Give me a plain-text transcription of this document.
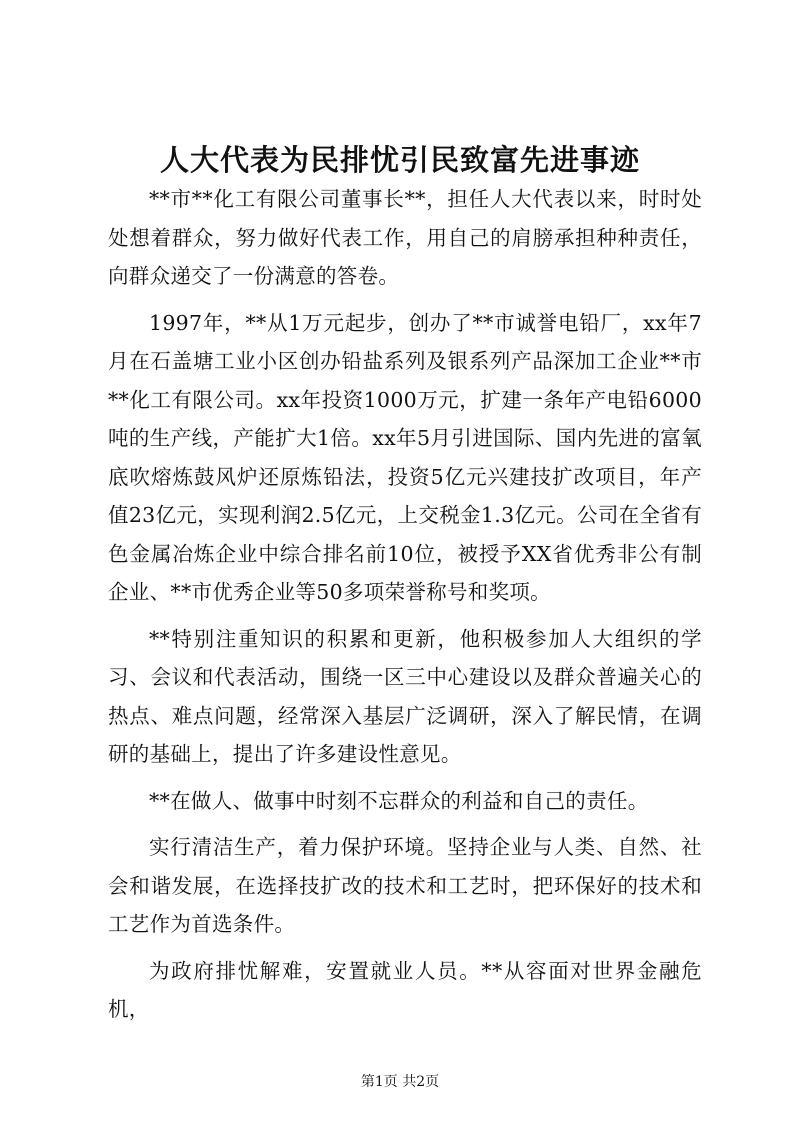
人大代表为民排忧引民致富先进事迹

**市**化工有限公司董事长**，担任人大代表以来，时时处处想着群众，努力做好代表工作，用自己的肩膀承担种种责任，向群众递交了一份满意的答卷。

1997年，**从1万元起步，创办了**市诚誉电铅厂，xx年7月在石盖塘工业小区创办铅盐系列及银系列产品深加工企业**市**化工有限公司。xx年投资1000万元，扩建一条年产电铅6000吨的生产线，产能扩大1倍。xx年5月引进国际、国内先进的富氧底吹熔炼鼓风炉还原炼铅法，投资5亿元兴建技扩改项目，年产值23亿元，实现利润2.5亿元，上交税金1.3亿元。公司在全省有色金属冶炼企业中综合排名前10位，被授予XX省优秀非公有制企业、**市优秀企业等50多项荣誉称号和奖项。

**特别注重知识的积累和更新，他积极参加人大组织的学习、会议和代表活动，围绕一区三中心建设以及群众普遍关心的热点、难点问题，经常深入基层广泛调研，深入了解民情，在调研的基础上，提出了许多建设性意见。

**在做人、做事中时刻不忘群众的利益和自己的责任。

实行清洁生产，着力保护环境。坚持企业与人类、自然、社会和谐发展，在选择技扩改的技术和工艺时，把环保好的技术和工艺作为首选条件。

为政府排忧解难，安置就业人员。**从容面对世界金融危机，

第1页 共2页
